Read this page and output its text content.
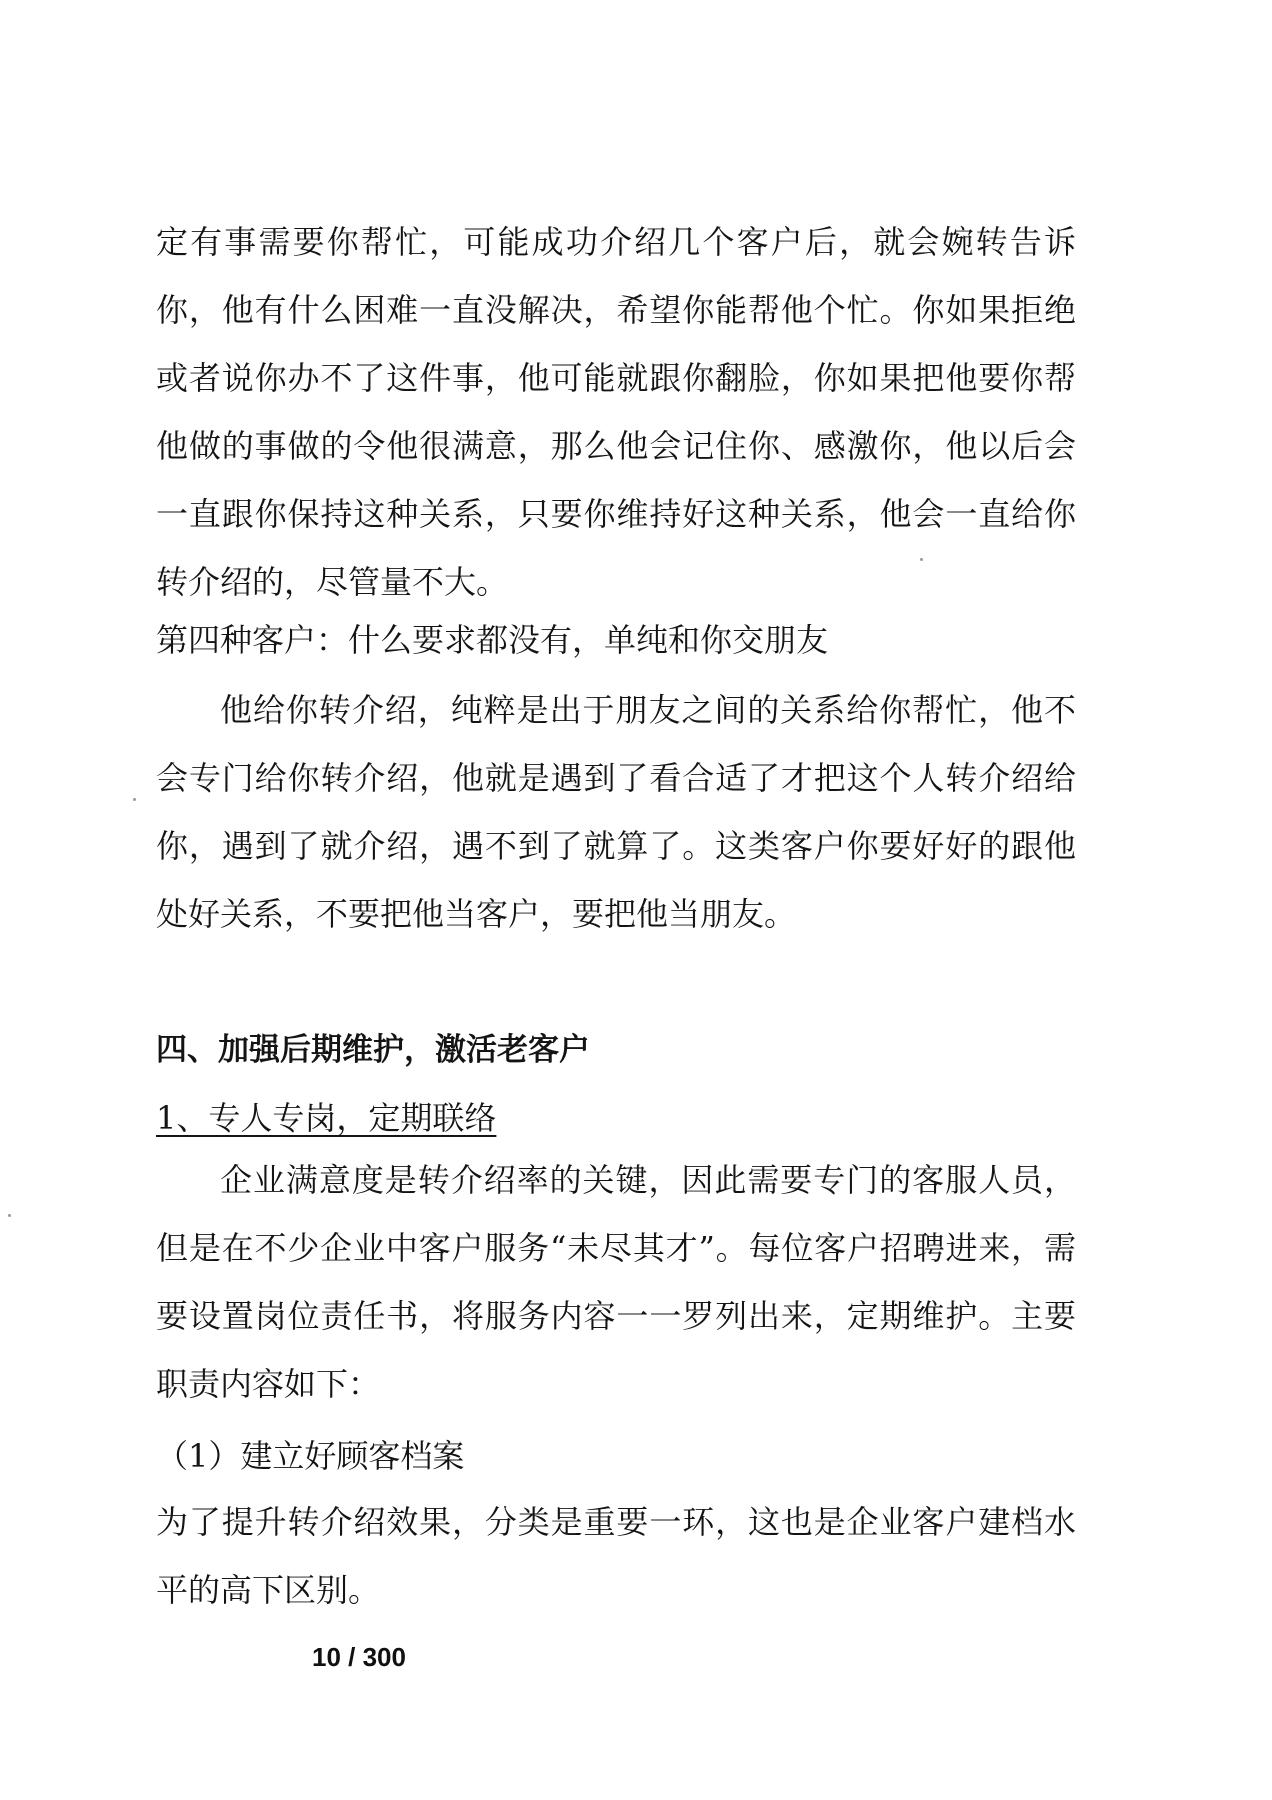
定有事需要你帮忙，可能成功介绍几个客户后，就会婉转告诉你，他有什么困难一直没解决，希望你能帮他个忙。你如果拒绝或者说你办不了这件事，他可能就跟你翻脸，你如果把他要你帮他做的事做的令他很满意，那么他会记住你、感激你，他以后会一直跟你保持这种关系，只要你维持好这种关系，他会一直给你转介绍的，尽管量不大。

第四种客户：什么要求都没有，单纯和你交朋友

他给你转介绍，纯粹是出于朋友之间的关系给你帮忙，他不会专门给你转介绍，他就是遇到了看合适了才把这个人转介绍给你，遇到了就介绍，遇不到了就算了。这类客户你要好好的跟他处好关系，不要把他当客户，要把他当朋友。

四、加强后期维护，激活老客户
1、专人专岗，定期联络

企业满意度是转介绍率的关键，因此需要专门的客服人员，但是在不少企业中客户服务“未尽其才”。每位客户招聘进来，需要设置岗位责任书，将服务内容一一罗列出来，定期维护。主要职责内容如下：

（1）建立好顾客档案

为了提升转介绍效果，分类是重要一环，这也是企业客户建档水平的高下区别。

10 / 300
